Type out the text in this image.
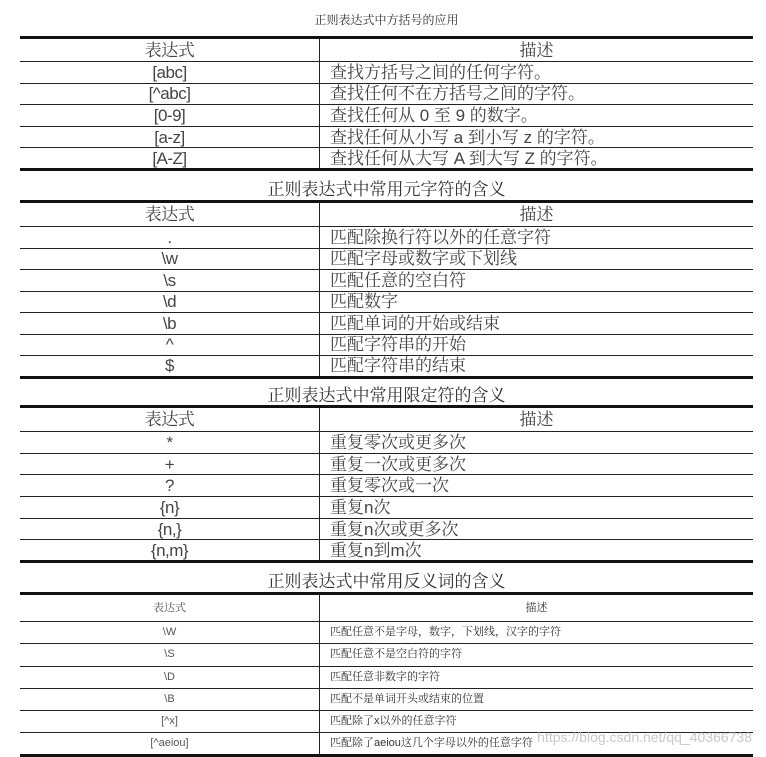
正则表达式中方括号的应用
表达式	描述
[abc]	查找方括号之间的任何字符。
[^abc]	查找任何不在方括号之间的字符。
[0-9]	查找任何从 0 至 9 的数字。
[a-z]	查找任何从小写 a 到小写 z 的字符。
[A-Z]	查找任何从大写 A 到大写 Z 的字符。
正则表达式中常用元字符的含义
表达式	描述
.	匹配除换行符以外的任意字符
\w	匹配字母或数字或下划线
\s	匹配任意的空白符
\d	匹配数字
\b	匹配单词的开始或结束
^	匹配字符串的开始
$	匹配字符串的结束
正则表达式中常用限定符的含义
表达式	描述
*	重复零次或更多次
+	重复一次或更多次
?	重复零次或一次
{n}	重复n次
{n,}	重复n次或更多次
{n,m}	重复n到m次
正则表达式中常用反义词的含义
表达式	描述
\W	匹配任意不是字母，数字，下划线，汉字的字符
\S	匹配任意不是空白符的字符
\D	匹配任意非数字的字符
\B	匹配不是单词开头或结束的位置
[^x]	匹配除了x以外的任意字符
[^aeiou]	匹配除了aeiou这几个字母以外的任意字符 https://blog.csdn.net/qq_40366738
